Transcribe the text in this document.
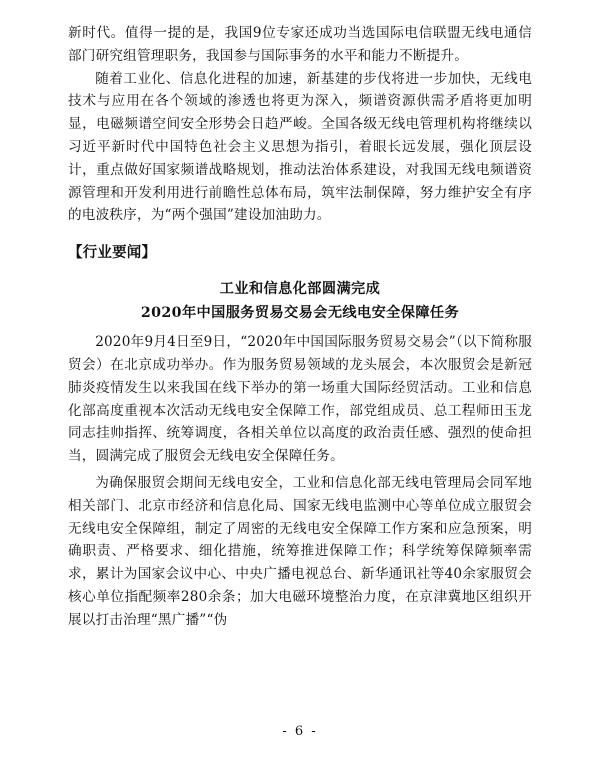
新时代。值得一提的是，我国9位专家还成功当选国际电信联盟无线电通信部门研究组管理职务，我国参与国际事务的水平和能力不断提升。

随着工业化、信息化进程的加速，新基建的步伐将进一步加快，无线电技术与应用在各个领域的渗透也将更为深入，频谱资源供需矛盾将更加明显，电磁频谱空间安全形势会日趋严峻。全国各级无线电管理机构将继续以习近平新时代中国特色社会主义思想为指引，着眼长远发展，强化顶层设计，重点做好国家频谱战略规划，推动法治体系建设，对我国无线电频谱资源管理和开发利用进行前瞻性总体布局，筑牢法制保障，努力维护安全有序的电波秩序，为“两个强国”建设加油助力。

【行业要闻】

工业和信息化部圆满完成
2020年中国服务贸易交易会无线电安全保障任务

2020年9月4日至9日，“2020年中国国际服务贸易交易会”（以下简称服贸会）在北京成功举办。作为服务贸易领域的龙头展会，本次服贸会是新冠肺炎疫情发生以来我国在线下举办的第一场重大国际经贸活动。工业和信息化部高度重视本次活动无线电安全保障工作，部党组成员、总工程师田玉龙同志挂帅指挥、统筹调度，各相关单位以高度的政治责任感、强烈的使命担当，圆满完成了服贸会无线电安全保障任务。

为确保服贸会期间无线电安全，工业和信息化部无线电管理局会同军地相关部门、北京市经济和信息化局、国家无线电监测中心等单位成立服贸会无线电安全保障组，制定了周密的无线电安全保障工作方案和应急预案，明确职责、严格要求、细化措施，统筹推进保障工作；科学统筹保障频率需求，累计为国家会议中心、中央广播电视总台、新华通讯社等40余家服贸会核心单位指配频率280余条；加大电磁环境整治力度，在京津冀地区组织开展以打击治理“黑广播”“伪

- 6 -
